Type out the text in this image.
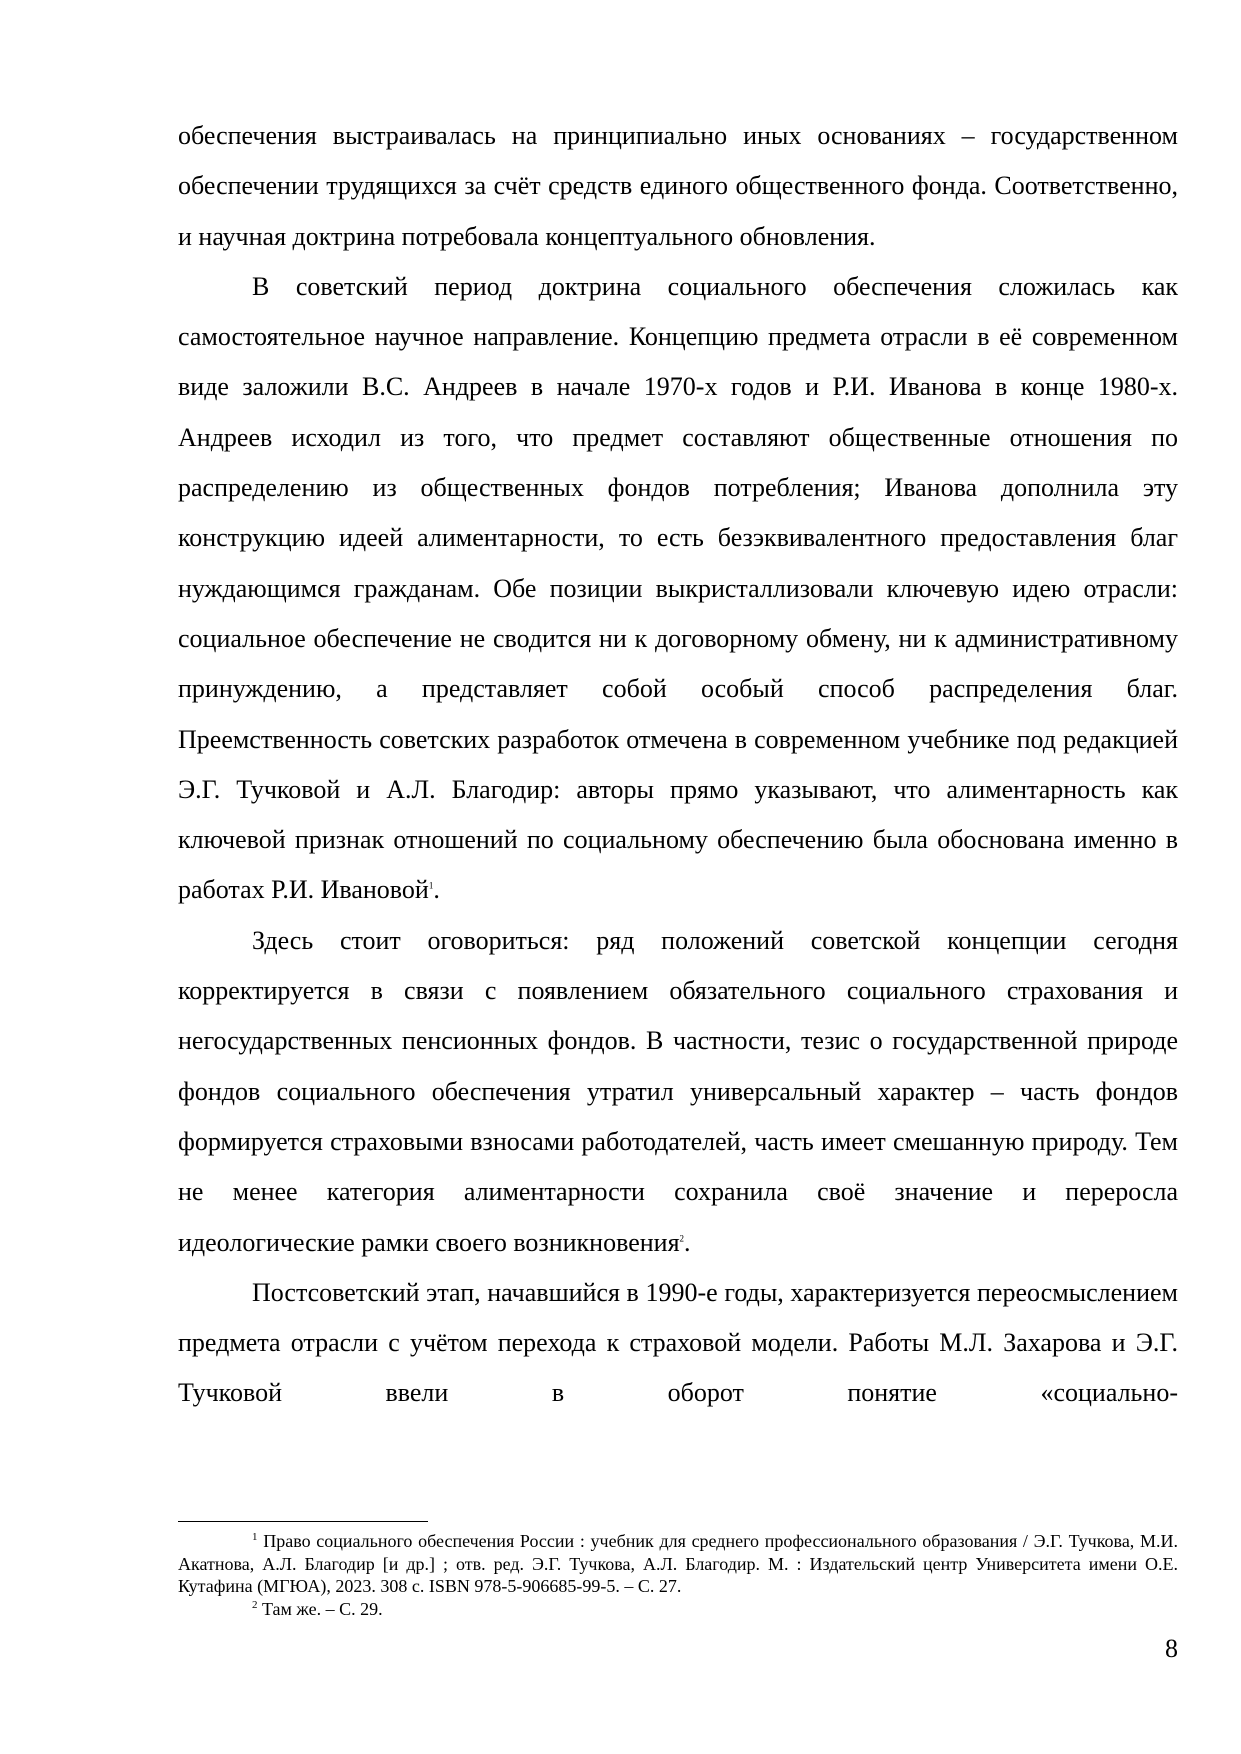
обеспечения выстраивалась на принципиально иных основаниях – государственном обеспечении трудящихся за счёт средств единого общественного фонда. Соответственно, и научная доктрина потребовала концептуального обновления.

В советский период доктрина социального обеспечения сложилась как самостоятельное научное направление. Концепцию предмета отрасли в её современном виде заложили В.С. Андреев в начале 1970-х годов и Р.И. Иванова в конце 1980-х. Андреев исходил из того, что предмет составляют общественные отношения по распределению из общественных фондов потребления; Иванова дополнила эту конструкцию идеей алиментарности, то есть безэквивалентного предоставления благ нуждающимся гражданам. Обе позиции выкристаллизовали ключевую идею отрасли: социальное обеспечение не сводится ни к договорному обмену, ни к административному принуждению, а представляет собой особый способ распределения благ. Преемственность советских разработок отмечена в современном учебнике под редакцией Э.Г. Тучковой и А.Л. Благодир: авторы прямо указывают, что алиментарность как ключевой признак отношений по социальному обеспечению была обоснована именно в работах Р.И. Ивановой$^1$.

Здесь стоит оговориться: ряд положений советской концепции сегодня корректируется в связи с появлением обязательного социального страхования и негосударственных пенсионных фондов. В частности, тезис о государственной природе фондов социального обеспечения утратил универсальный характер – часть фондов формируется страховыми взносами работодателей, часть имеет смешанную природу. Тем не менее категория алиментарности сохранила своё значение и переросла идеологические рамки своего возникновения$^2$.

Постсоветский этап, начавшийся в 1990-е годы, характеризуется переосмыслением предмета отрасли с учётом перехода к страховой модели. Работы М.Л. Захарова и Э.Г. Тучковой ввели в оборот понятие «социально-

$^1$ Право социального обеспечения России : учебник для среднего профессионального образования / Э.Г. Тучкова, М.И. Акатнова, А.Л. Благодир [и др.] ; отв. ред. Э.Г. Тучкова, А.Л. Благодир. М. : Издательский центр Университета имени О.Е. Кутафина (МГЮА), 2023. 308 с. ISBN 978-5-906685-99-5. – С. 27.

$^2$ Там же. – С. 29.

8
